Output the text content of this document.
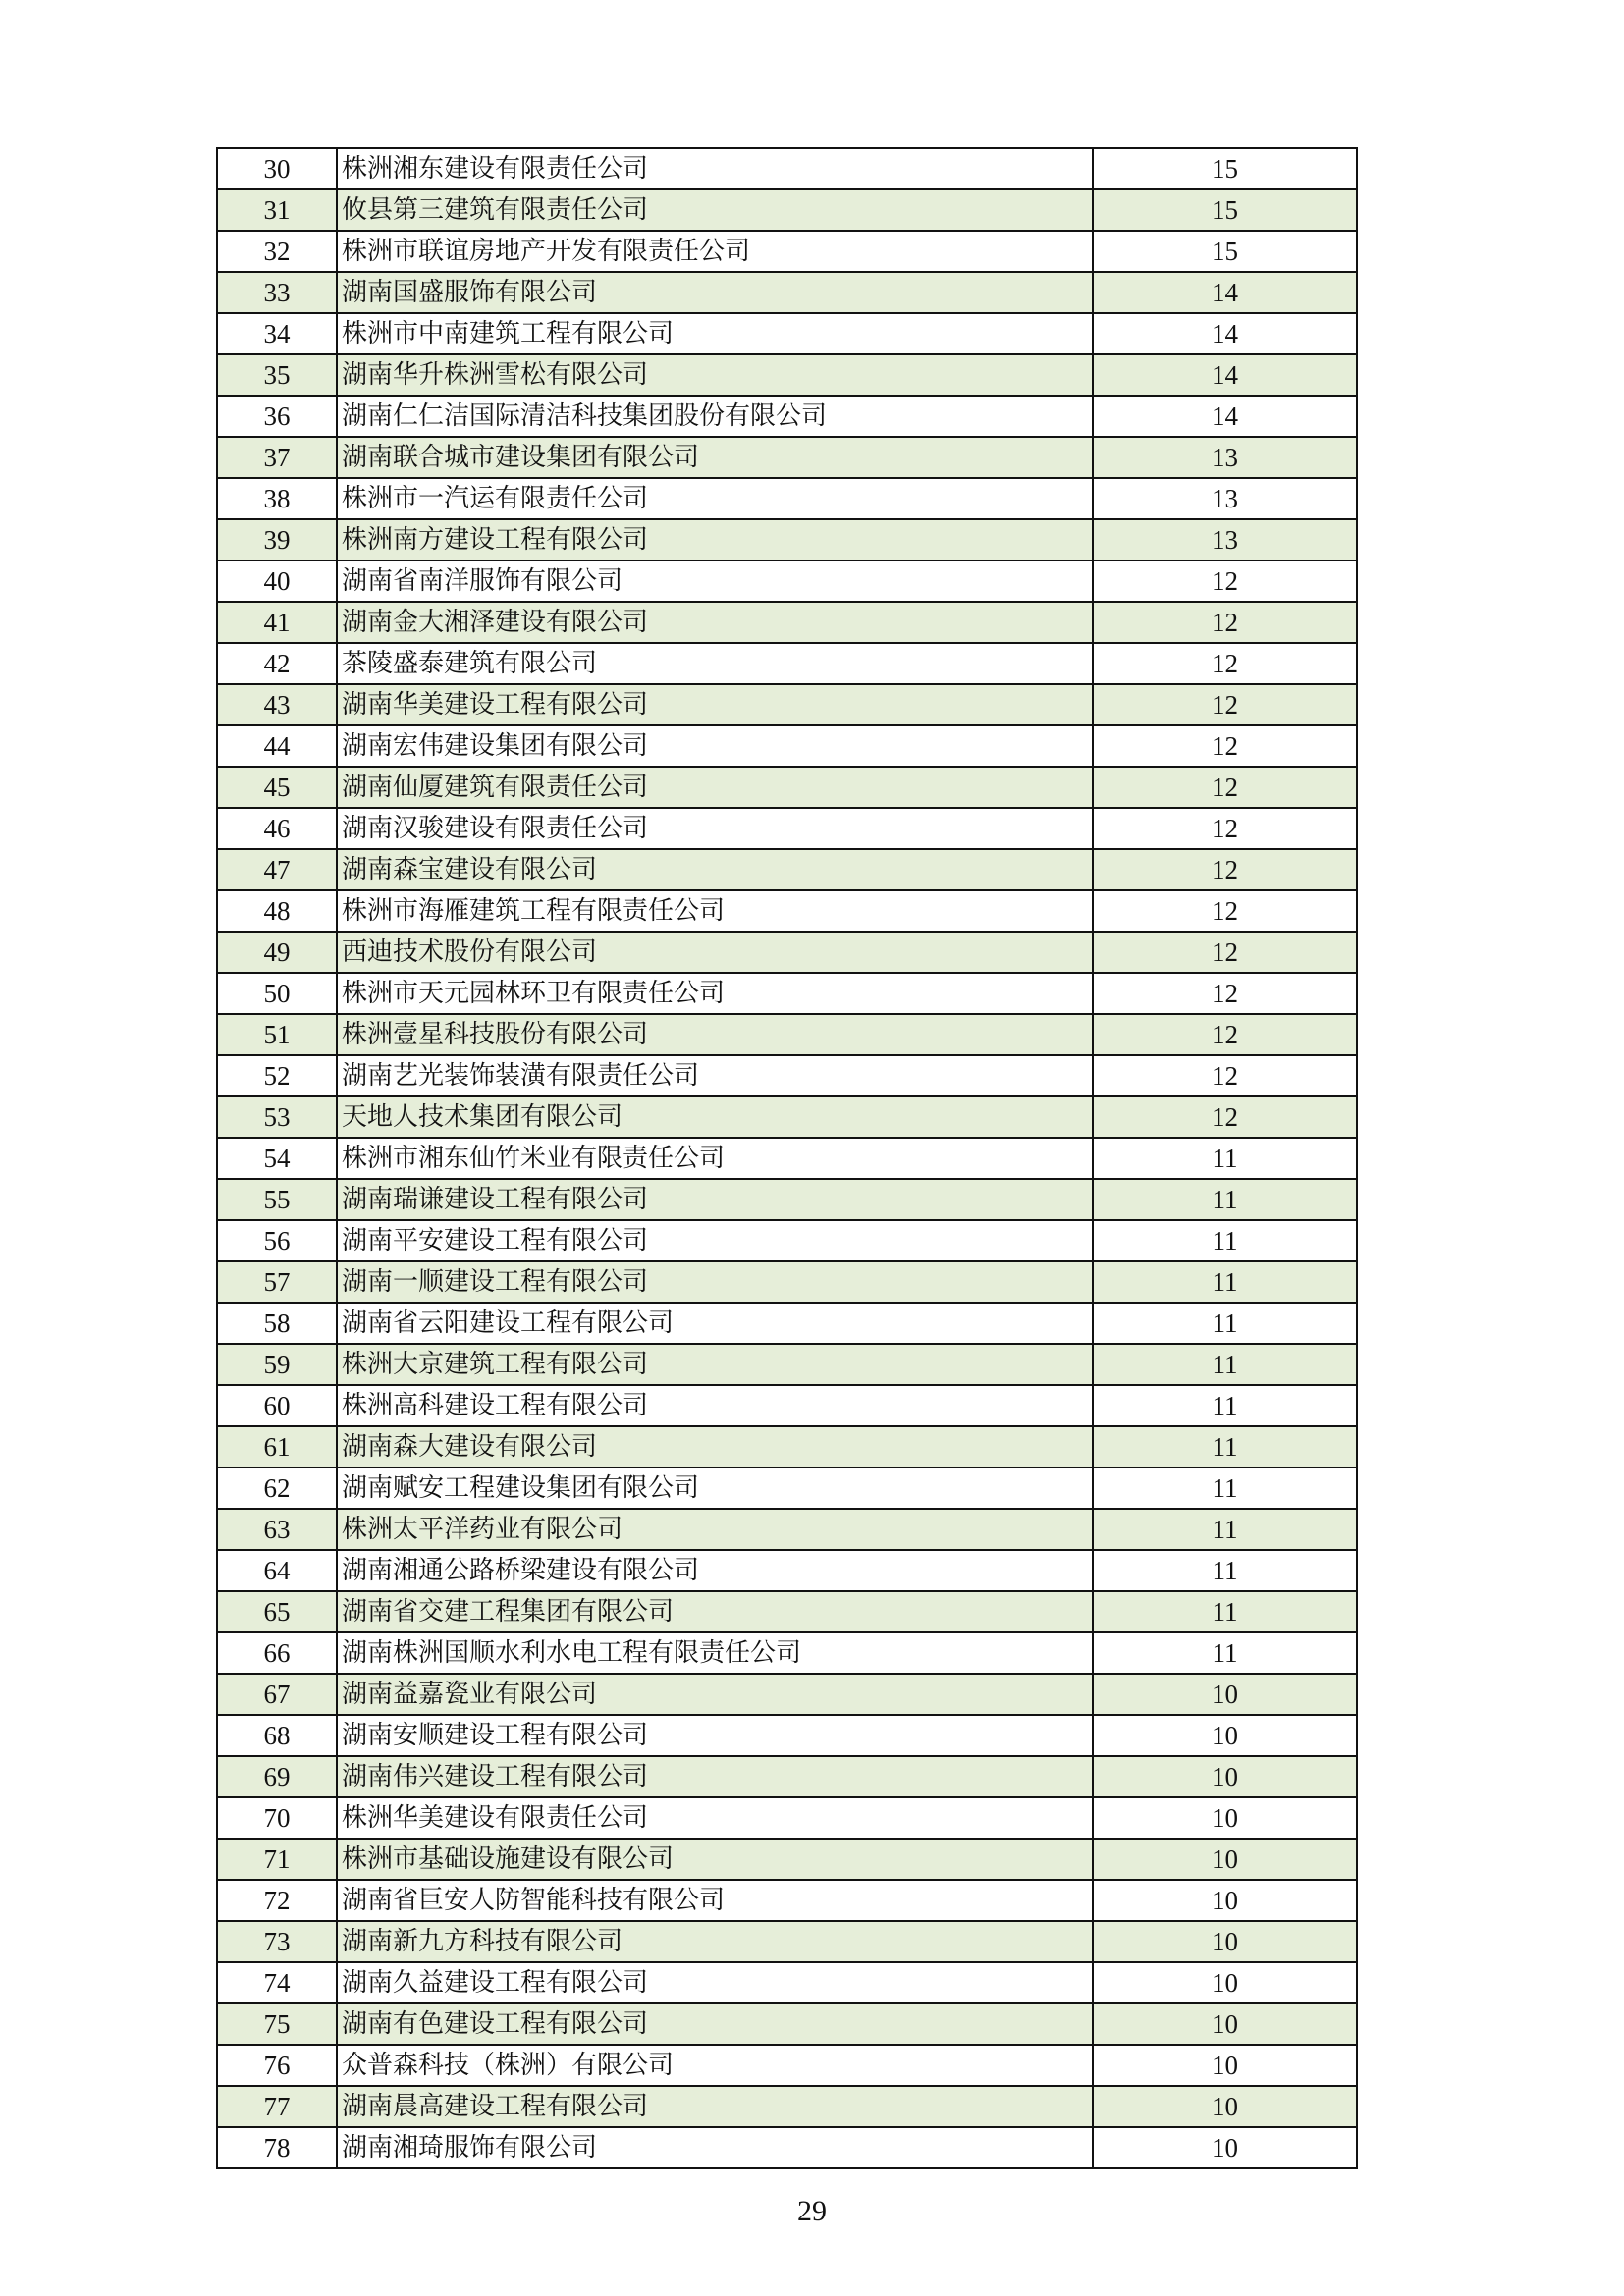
30	株洲湘东建设有限责任公司	15
31	攸县第三建筑有限责任公司	15
32	株洲市联谊房地产开发有限责任公司	15
33	湖南国盛服饰有限公司	14
34	株洲市中南建筑工程有限公司	14
35	湖南华升株洲雪松有限公司	14
36	湖南仁仁洁国际清洁科技集团股份有限公司	14
37	湖南联合城市建设集团有限公司	13
38	株洲市一汽运有限责任公司	13
39	株洲南方建设工程有限公司	13
40	湖南省南洋服饰有限公司	12
41	湖南金大湘泽建设有限公司	12
42	茶陵盛泰建筑有限公司	12
43	湖南华美建设工程有限公司	12
44	湖南宏伟建设集团有限公司	12
45	湖南仙厦建筑有限责任公司	12
46	湖南汉骏建设有限责任公司	12
47	湖南森宝建设有限公司	12
48	株洲市海雁建筑工程有限责任公司	12
49	西迪技术股份有限公司	12
50	株洲市天元园林环卫有限责任公司	12
51	株洲壹星科技股份有限公司	12
52	湖南艺光装饰装潢有限责任公司	12
53	天地人技术集团有限公司	12
54	株洲市湘东仙竹米业有限责任公司	11
55	湖南瑞谦建设工程有限公司	11
56	湖南平安建设工程有限公司	11
57	湖南一顺建设工程有限公司	11
58	湖南省云阳建设工程有限公司	11
59	株洲大京建筑工程有限公司	11
60	株洲高科建设工程有限公司	11
61	湖南森大建设有限公司	11
62	湖南赋安工程建设集团有限公司	11
63	株洲太平洋药业有限公司	11
64	湖南湘通公路桥梁建设有限公司	11
65	湖南省交建工程集团有限公司	11
66	湖南株洲国顺水利水电工程有限责任公司	11
67	湖南益嘉瓷业有限公司	10
68	湖南安顺建设工程有限公司	10
69	湖南伟兴建设工程有限公司	10
70	株洲华美建设有限责任公司	10
71	株洲市基础设施建设有限公司	10
72	湖南省巨安人防智能科技有限公司	10
73	湖南新九方科技有限公司	10
74	湖南久益建设工程有限公司	10
75	湖南有色建设工程有限公司	10
76	众普森科技（株洲）有限公司	10
77	湖南晨高建设工程有限公司	10
78	湖南湘琦服饰有限公司	10
29
